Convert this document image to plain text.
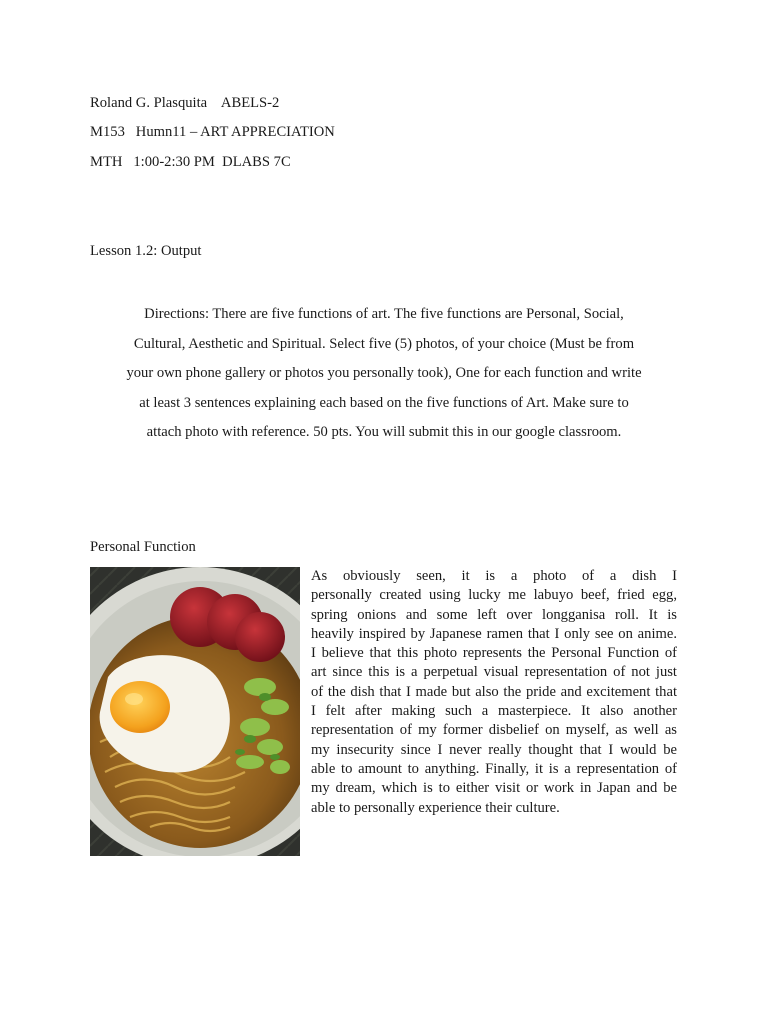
Roland G. Plasquita    ABELS-2
M153   Humn11 – ART APPRECIATION
MTH   1:00-2:30 PM  DLABS 7C
Lesson 1.2: Output
Directions: There are five functions of art. The five functions are Personal, Social,
Cultural, Aesthetic and Spiritual. Select five (5) photos, of your choice (Must be from
your own phone gallery or photos you personally took), One for each function and write
at least 3 sentences explaining each based on the five functions of Art. Make sure to
attach photo with reference. 50 pts. You will submit this in our google classroom.
Personal Function
As obviously seen, it is a photo of a dish I
personally created using lucky me labuyo beef, fried egg,
spring onions and some left over longganisa roll. It is
heavily inspired by Japanese ramen that I only see on anime.
I believe that this photo represents the Personal Function of
art since this is a perpetual visual representation of not just
of the dish that I made but also the pride and excitement that
I felt after making such a masterpiece. It also another
representation of my former disbelief on myself, as well as
my insecurity since I never really thought that I would be
able to amount to anything. Finally, it is a representation of
my dream, which is to either visit or work in Japan and be
able to personally experience their culture.
